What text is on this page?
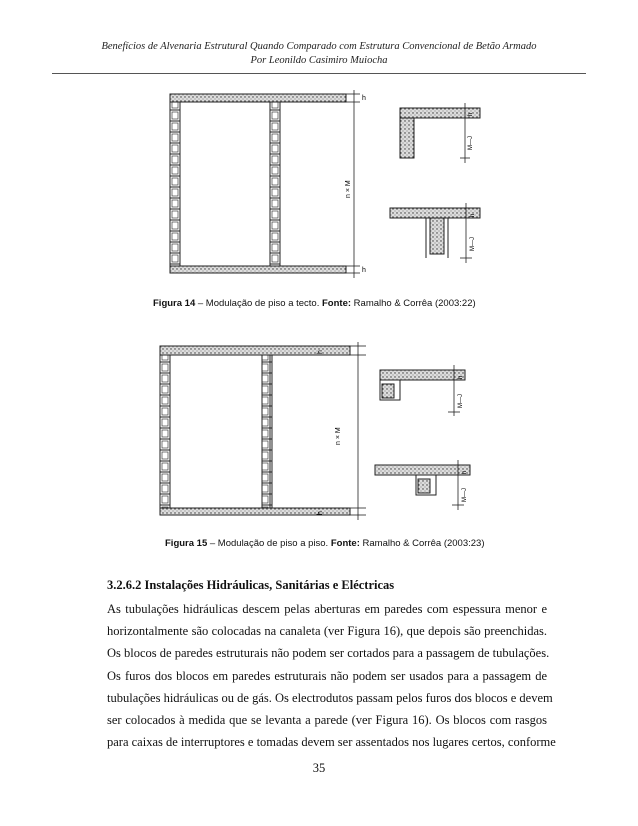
Benefícios de Alvenaria Estrutural Quando Comparado com Estrutura Convencional de Betão Armado
Por Leonildo Casimiro Muiocha
h
h
n × M
h
M—J
h
M—J
Figura 14 – Modulação de piso a tecto. Fonte: Ramalho & Corrêa (2003:22)
h
h
n × M
h
M—J
h
M—J
Figura 15 – Modulação de piso a piso. Fonte: Ramalho & Corrêa (2003:23)
3.2.6.2 Instalações Hidráulicas, Sanitárias e Eléctricas
As tubulações hidráulicas descem pelas aberturas em paredes com espessura menor e
horizontalmente são colocadas na canaleta (ver Figura 16), que depois são preenchidas.
Os blocos de paredes estruturais não podem ser cortados para a passagem de tubulações.
Os furos dos blocos em paredes estruturais não podem ser usados para a passagem de
tubulações hidráulicas ou de gás. Os electrodutos passam pelos furos dos blocos e devem
ser colocados à medida que se levanta a parede (ver Figura 16). Os blocos com rasgos
para caixas de interruptores e tomadas devem ser assentados nos lugares certos, conforme
35
